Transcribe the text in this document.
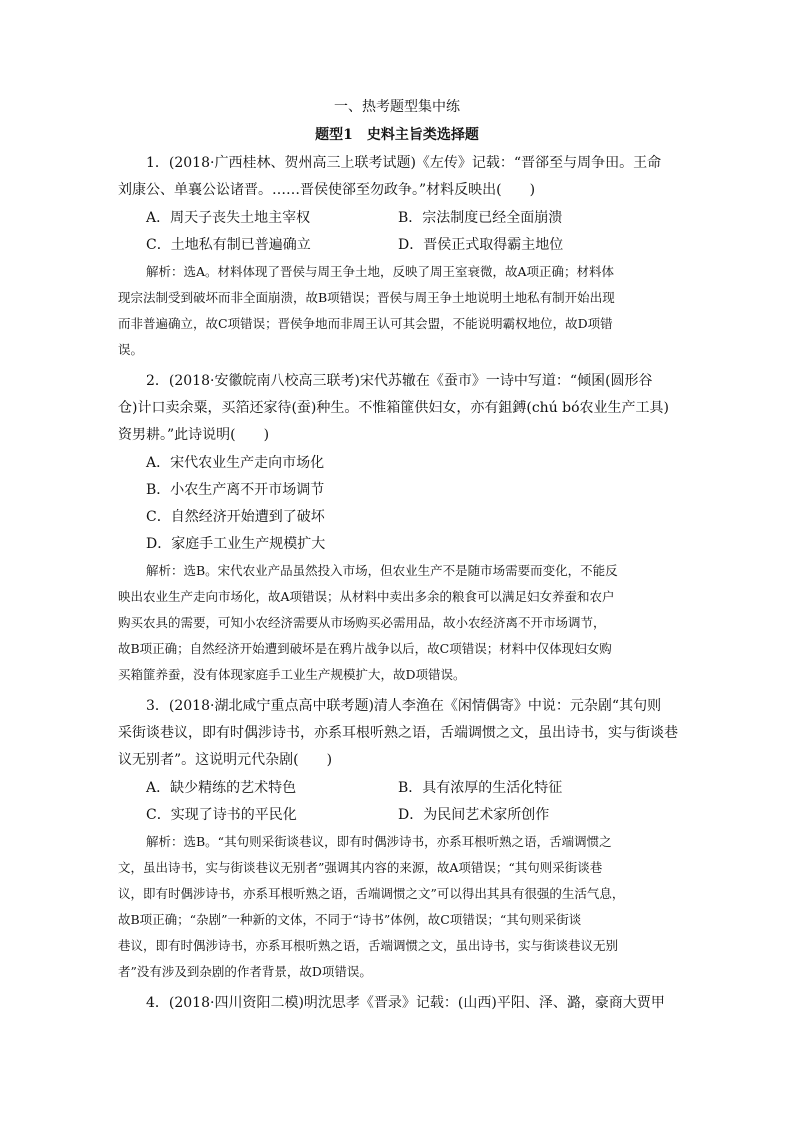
一、热考题型集中练
题型1　史料主旨类选择题
1．(2018·广西桂林、贺州高三上联考试题)《左传》记载：“晋郤至与周争田。王命
刘康公、单襄公讼诸晋。……晋侯使郤至勿政争。”材料反映出(　　)
A．周天子丧失土地主宰权	B．宗法制度已经全面崩溃
C．土地私有制已普遍确立	D．晋侯正式取得霸主地位
解析：选A。材料体现了晋侯与周王争土地，反映了周王室衰微，故A项正确；材料体
现宗法制受到破坏而非全面崩溃，故B项错误；晋侯与周王争土地说明土地私有制开始出现
而非普遍确立，故C项错误；晋侯争地而非周王认可其会盟，不能说明霸权地位，故D项错
误。
2．(2018·安徽皖南八校高三联考)宋代苏辙在《蚕市》一诗中写道：“倾囷(圆形谷
仓)计口卖余粟，买箔还家待(蚕)种生。不惟箱篚供妇女，亦有鉏鎛(chú bó农业生产工具)
资男耕。”此诗说明(　　)
A．宋代农业生产走向市场化
B．小农生产离不开市场调节
C．自然经济开始遭到了破坏
D．家庭手工业生产规模扩大
解析：选B。宋代农业产品虽然投入市场，但农业生产不是随市场需要而变化，不能反
映出农业生产走向市场化，故A项错误；从材料中卖出多余的粮食可以满足妇女养蚕和农户
购买农具的需要，可知小农经济需要从市场购买必需用品，故小农经济离不开市场调节，
故B项正确；自然经济开始遭到破坏是在鸦片战争以后，故C项错误；材料中仅体现妇女购
买箱篚养蚕，没有体现家庭手工业生产规模扩大，故D项错误。
3．(2018·湖北咸宁重点高中联考题)清人李渔在《闲情偶寄》中说：元杂剧“其句则
采街谈巷议，即有时偶涉诗书，亦系耳根听熟之语，舌端调惯之文，虽出诗书，实与街谈巷
议无别者”。这说明元代杂剧(　　)
A．缺少精练的艺术特色	B．具有浓厚的生活化特征
C．实现了诗书的平民化	D．为民间艺术家所创作
解析：选B。“其句则采街谈巷议，即有时偶涉诗书，亦系耳根听熟之语，舌端调惯之
文，虽出诗书，实与街谈巷议无别者”强调其内容的来源，故A项错误；“其句则采街谈巷
议，即有时偶涉诗书，亦系耳根听熟之语，舌端调惯之文”可以得出其具有很强的生活气息，
故B项正确；“杂剧”一种新的文体，不同于“诗书”体例，故C项错误；“其句则采街谈
巷议，即有时偶涉诗书，亦系耳根听熟之语，舌端调惯之文，虽出诗书，实与街谈巷议无别
者”没有涉及到杂剧的作者背景，故D项错误。
4．(2018·四川资阳二模)明沈思孝《晋录》记载：(山西)平阳、泽、潞，豪商大贾甲
